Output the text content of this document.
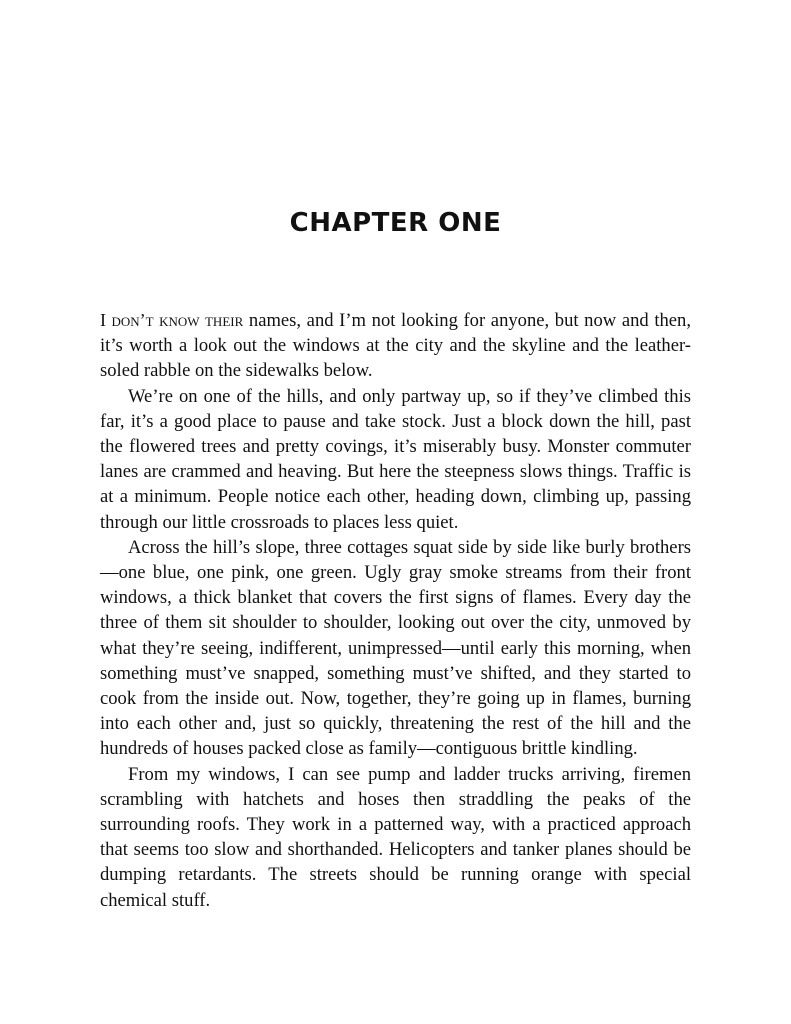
CHAPTER ONE

I don’t know their names, and I’m not looking for anyone, but now and then, it’s worth a look out the windows at the city and the skyline and the leather-soled rabble on the sidewalks below.

We’re on one of the hills, and only partway up, so if they’ve climbed this far, it’s a good place to pause and take stock. Just a block down the hill, past the flowered trees and pretty covings, it’s miserably busy. Monster commuter lanes are crammed and heaving. But here the steepness slows things. Traffic is at a minimum. People notice each other, heading down, climbing up, passing through our little crossroads to places less quiet.

Across the hill’s slope, three cottages squat side by side like burly brothers —one blue, one pink, one green. Ugly gray smoke streams from their front windows, a thick blanket that covers the first signs of flames. Every day the three of them sit shoulder to shoulder, looking out over the city, unmoved by what they’re seeing, indifferent, unimpressed—until early this morning, when something must’ve snapped, something must’ve shifted, and they started to cook from the inside out. Now, together, they’re going up in flames, burning into each other and, just so quickly, threatening the rest of the hill and the hundreds of houses packed close as family—contiguous brittle kindling.

From my windows, I can see pump and ladder trucks arriving, firemen scrambling with hatchets and hoses then straddling the peaks of the surrounding roofs. They work in a patterned way, with a practiced approach that seems too slow and shorthanded. Helicopters and tanker planes should be dumping retardants. The streets should be running orange with special chemical stuff.
